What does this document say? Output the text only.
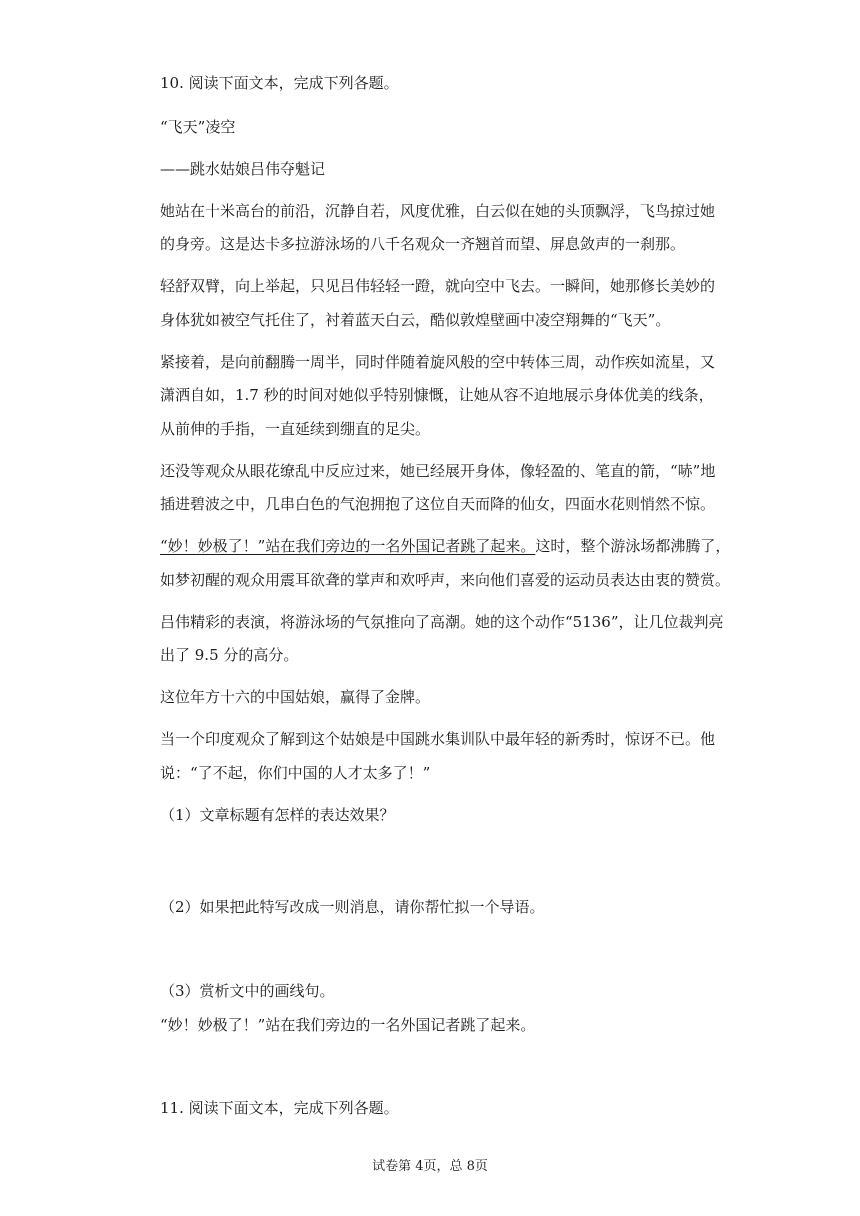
10. 阅读下面文本，完成下列各题。
“飞天”凌空
——跳水姑娘吕伟夺魁记
她站在十米高台的前沿，沉静自若，风度优雅，白云似在她的头顶飘浮，飞鸟掠过她
的身旁。这是达卡多拉游泳场的八千名观众一齐翘首而望、屏息敛声的一刹那。
轻舒双臂，向上举起，只见吕伟轻轻一蹬，就向空中飞去。一瞬间，她那修长美妙的
身体犹如被空气托住了，衬着蓝天白云，酷似敦煌壁画中凌空翔舞的“飞天”。
紧接着，是向前翻腾一周半，同时伴随着旋风般的空中转体三周，动作疾如流星，又
潇洒自如，1.7 秒的时间对她似乎特别慷慨，让她从容不迫地展示身体优美的线条，
从前伸的手指，一直延续到绷直的足尖。
还没等观众从眼花缭乱中反应过来，她已经展开身体，像轻盈的、笔直的箭，“哧”地
插进碧波之中，几串白色的气泡拥抱了这位自天而降的仙女，四面水花则悄然不惊。
“妙！妙极了！”站在我们旁边的一名外国记者跳了起来。这时，整个游泳场都沸腾了，
如梦初醒的观众用震耳欲聋的掌声和欢呼声，来向他们喜爱的运动员表达由衷的赞赏。
吕伟精彩的表演，将游泳场的气氛推向了高潮。她的这个动作“5136”，让几位裁判亮
出了 9.5 分的高分。
这位年方十六的中国姑娘，赢得了金牌。
当一个印度观众了解到这个姑娘是中国跳水集训队中最年轻的新秀时，惊讶不已。他
说：“了不起，你们中国的人才太多了！”
（1）文章标题有怎样的表达效果？
（2）如果把此特写改成一则消息，请你帮忙拟一个导语。
（3）赏析文中的画线句。
“妙！妙极了！”站在我们旁边的一名外国记者跳了起来。
11. 阅读下面文本，完成下列各题。
试卷第 4页，总 8页
